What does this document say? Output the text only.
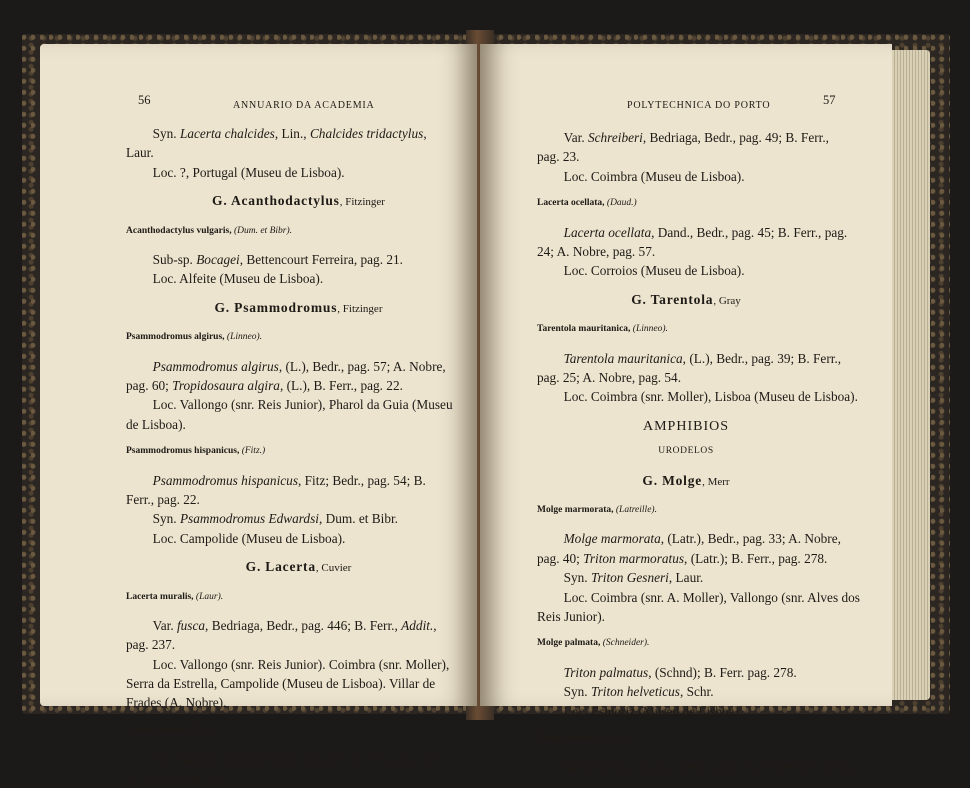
56	ANNUARIO DA ACADEMIA

Syn. Lacerta chalcides, Lin., Chalcides tridactylus,

Laur.

Loc. ?, Portugal (Museu de Lisboa).

G. Acanthodactylus, Fitzinger
Acanthodactylus vulgaris, (Dum. et Bibr).

Sub-sp. Bocagei, Bettencourt Ferreira, pag. 21.

Loc. Alfeite (Museu de Lisboa).

G. Psammodromus, Fitzinger
Psammodromus algirus, (Linneo).

Psammodromus algirus, (L.), Bedr., pag. 57; A. Nobre,

pag. 60; Tropidosaura algira, (L.), B. Ferr., pag. 22.

Loc. Vallongo (snr. Reis Junior), Pharol da Guia (Museu

de Lisboa).

Psammodromus hispanicus, (Fitz.)

Psammodromus hispanicus, Fitz; Bedr., pag. 54; B.

Ferr., pag. 22.

Syn. Psammodromus Edwardsi, Dum. et Bibr.

Loc. Campolide (Museu de Lisboa).

G. Lacerta, Cuvier
Lacerta muralis, (Laur).

Var. fusca, Bedriaga, Bedr., pag. 446; B. Ferr., Addit.,

pag. 237.

Loc. Vallongo (snr. Reis Junior). Coimbra (snr. Moller),

Serra da Estrella, Campolide (Museu de Lisboa). Villar de

Frades (A. Nobre).

Lacerta viridis, (Daud.)

Var. Gadowi, Boulgr. Bedr., pag. 48; B. Ferr., pag. 23;

A. Nobre, pag. 58.

POLYTECHNICA DO PORTO	57

Var. Schreiberi, Bedriaga, Bedr., pag. 49; B. Ferr.,

pag. 23.

Loc. Coimbra (Museu de Lisboa).

Lacerta ocellata, (Daud.)

Lacerta ocellata, Dand., Bedr., pag. 45; B. Ferr., pag.

24; A. Nobre, pag. 57.

Loc. Corroios (Museu de Lisboa).

G. Tarentola, Gray
Tarentola mauritanica, (Linneo).

Tarentola mauritanica, (L.), Bedr., pag. 39; B. Ferr.,

pag. 25; A. Nobre, pag. 54.

Loc. Coimbra (snr. Moller), Lisboa (Museu de Lisboa).

AMPHIBIOS
URODELOS
G. Molge, Merr
Molge marmorata, (Latreille).

Molge marmorata, (Latr.), Bedr., pag. 33; A. Nobre,

pag. 40; Triton marmoratus, (Latr.); B. Ferr., pag. 278.

Syn. Triton Gesneri, Laur.

Loc. Coimbra (snr. A. Moller), Vallongo (snr. Alves dos

Reis Junior).

Molge palmata, (Schneider).

Triton palmatus, (Schnd); B. Ferr. pag. 278.

Syn. Triton helveticus, Schr.

Loc. Esmoriz (Museu de Lisboa).

Molge Boscai, (Lataste).

Molge Boscai, (Lat.), Bedr., pag. 35; Pelonectes Boscai
